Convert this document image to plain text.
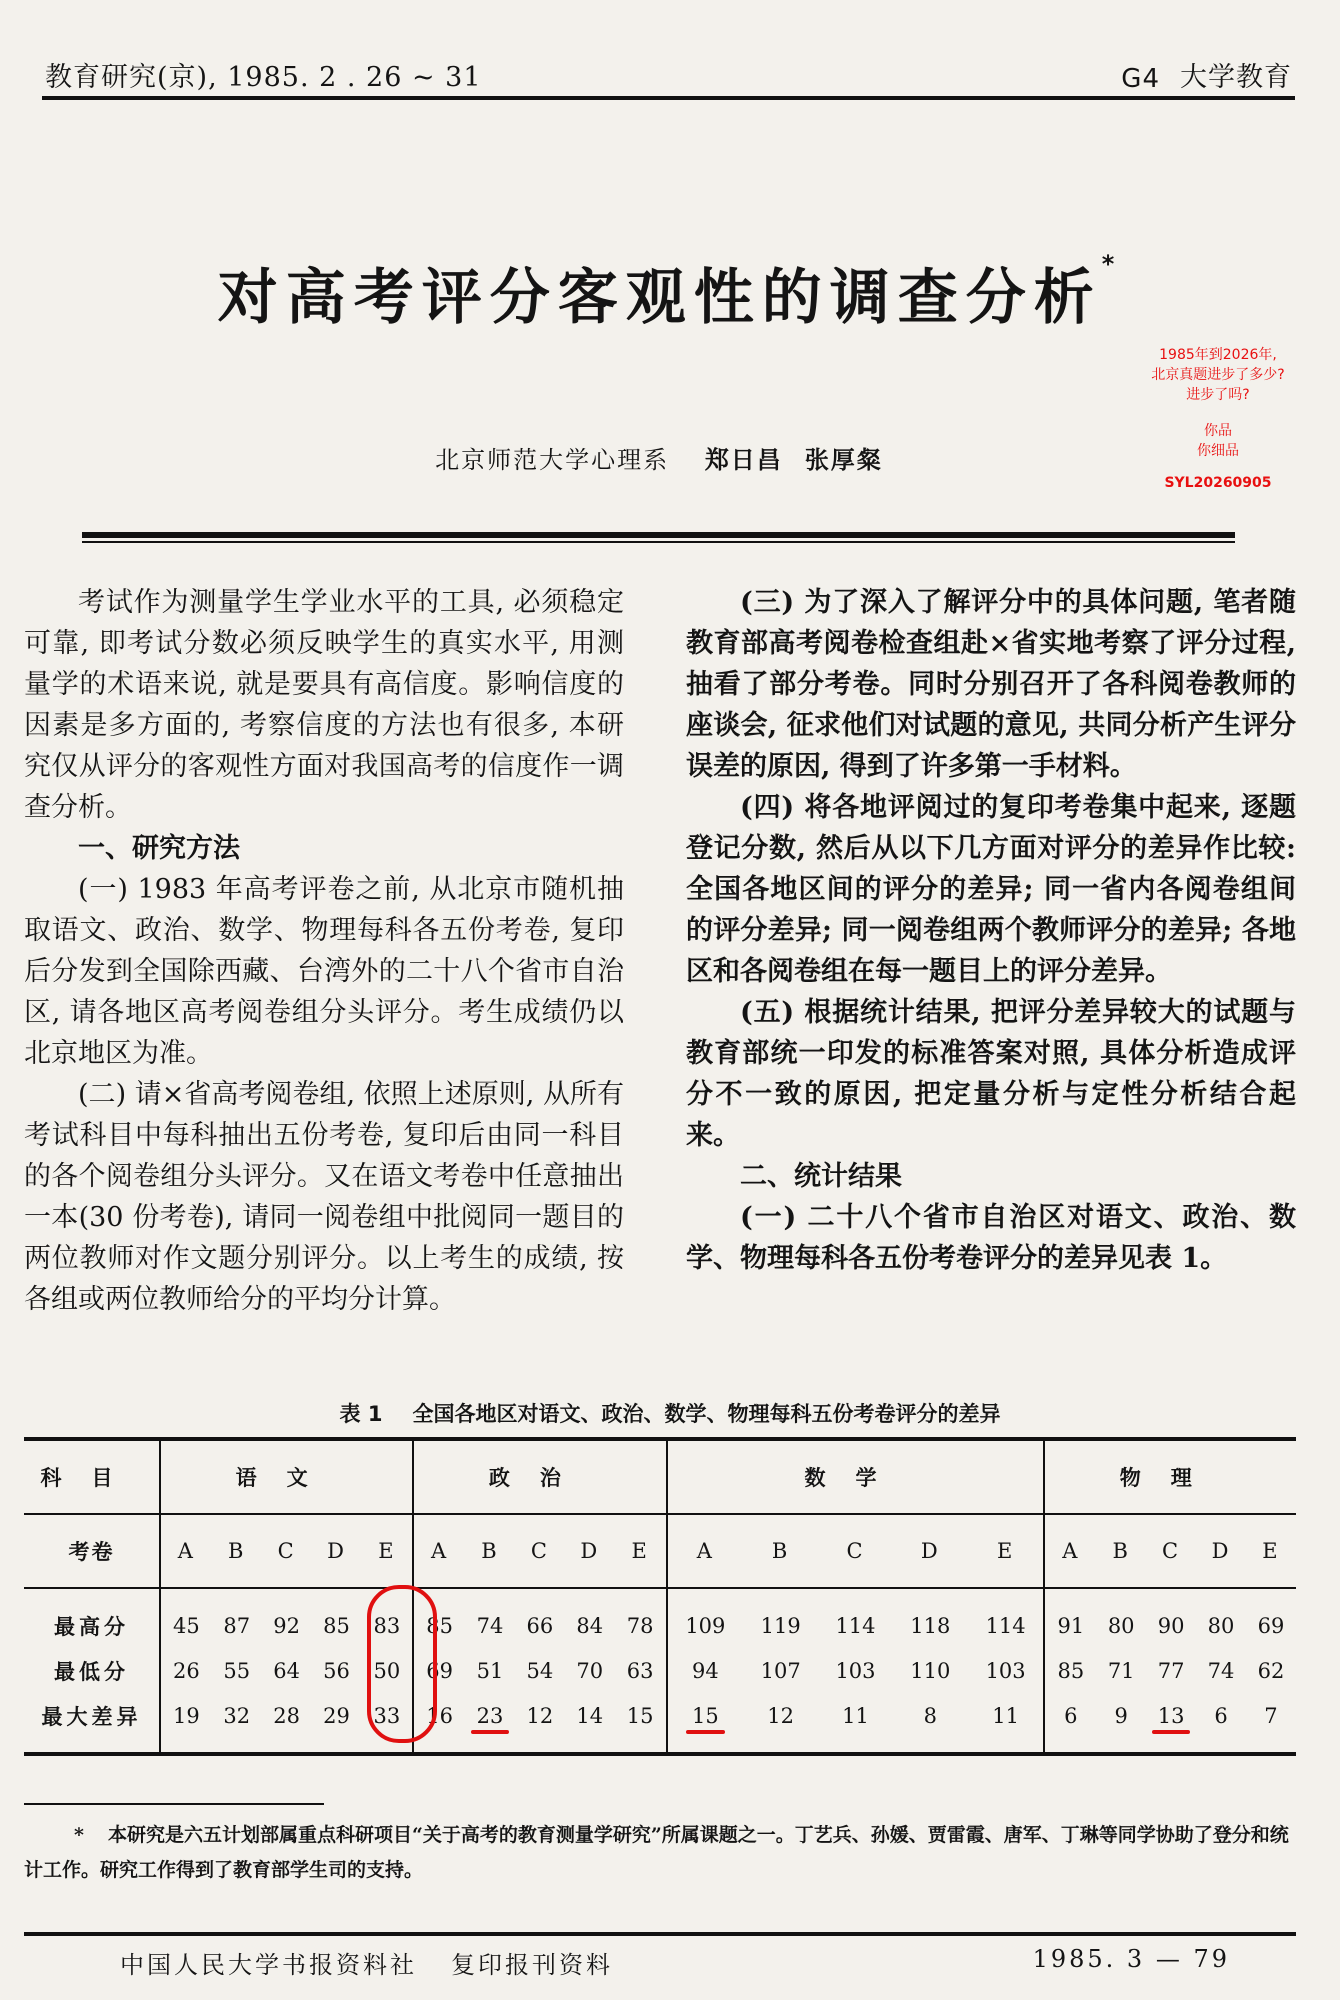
教育研究(京), 1985. 2 . 26 ~ 31	G4 大学教育
对高考评分客观性的调查分析*
北京师范大学心理系 郑日昌 张厚粲
1985年到2026年,
北京真题进步了多少?
进步了吗?
你品
你细品
SYL20260905

考试作为测量学生学业水平的工具, 必须稳定可靠, 即考试分数必须反映学生的真实水平, 用测量学的术语来说, 就是要具有高信度。影响信度的因素是多方面的, 考察信度的方法也有很多, 本研究仅从评分的客观性方面对我国高考的信度作一调查分析。

一、研究方法

(一) 1983 年高考评卷之前, 从北京市随机抽取语文、政治、数学、物理每科各五份考卷, 复印后分发到全国除西藏、台湾外的二十八个省市自治区, 请各地区高考阅卷组分头评分。考生成绩仍以北京地区为准。

(二) 请×省高考阅卷组, 依照上述原则, 从所有考试科目中每科抽出五份考卷, 复印后由同一科目的各个阅卷组分头评分。又在语文考卷中任意抽出一本(30 份考卷), 请同一阅卷组中批阅同一题目的两位教师对作文题分别评分。以上考生的成绩, 按各组或两位教师给分的平均分计算。

(三) 为了深入了解评分中的具体问题, 笔者随教育部高考阅卷检查组赴×省实地考察了评分过程, 抽看了部分考卷。同时分别召开了各科阅卷教师的座谈会, 征求他们对试题的意见, 共同分析产生评分误差的原因, 得到了许多第一手材料。

(四) 将各地评阅过的复印考卷集中起来, 逐题登记分数, 然后从以下几方面对评分的差异作比较: 全国各地区间的评分的差异; 同一省内各阅卷组间的评分差异; 同一阅卷组两个教师评分的差异; 各地区和各阅卷组在每一题目上的评分差异。

(五) 根据统计结果, 把评分差异较大的试题与教育部统一印发的标准答案对照, 具体分析造成评分不一致的原因, 把定量分析与定性分析结合起来。

二、统计结果

(一) 二十八个省市自治区对语文、政治、数学、物理每科各五份考卷评分的差异见表 1。

表 1 全国各地区对语文、政治、数学、物理每科五份考卷评分的差异
科目	语文					政治					数学					物理				
考卷	A	B	C	D	E	A	B	C	D	E	A	B	C	D	E	A	B	C	D	E
最高分	45	87	92	85	83	85	74	66	84	78	109	119	114	118	114	91	80	90	80	69
最低分	26	55	64	56	50	69	51	54	70	63	94	107	103	110	103	85	71	77	74	62
最大差异	19	32	28	29	33	16	23	12	14	15	15	12	11	8	11	6	9	13	6	7
* 本研究是六五计划部属重点科研项目“关于高考的教育测量学研究”所属课题之一。丁艺兵、孙媛、贾雷霞、唐军、丁琳等同学协助了登分和统计工作。研究工作得到了教育部学生司的支持。
中国人民大学书报资料社 复印报刊资料	1985. 3 — 79
